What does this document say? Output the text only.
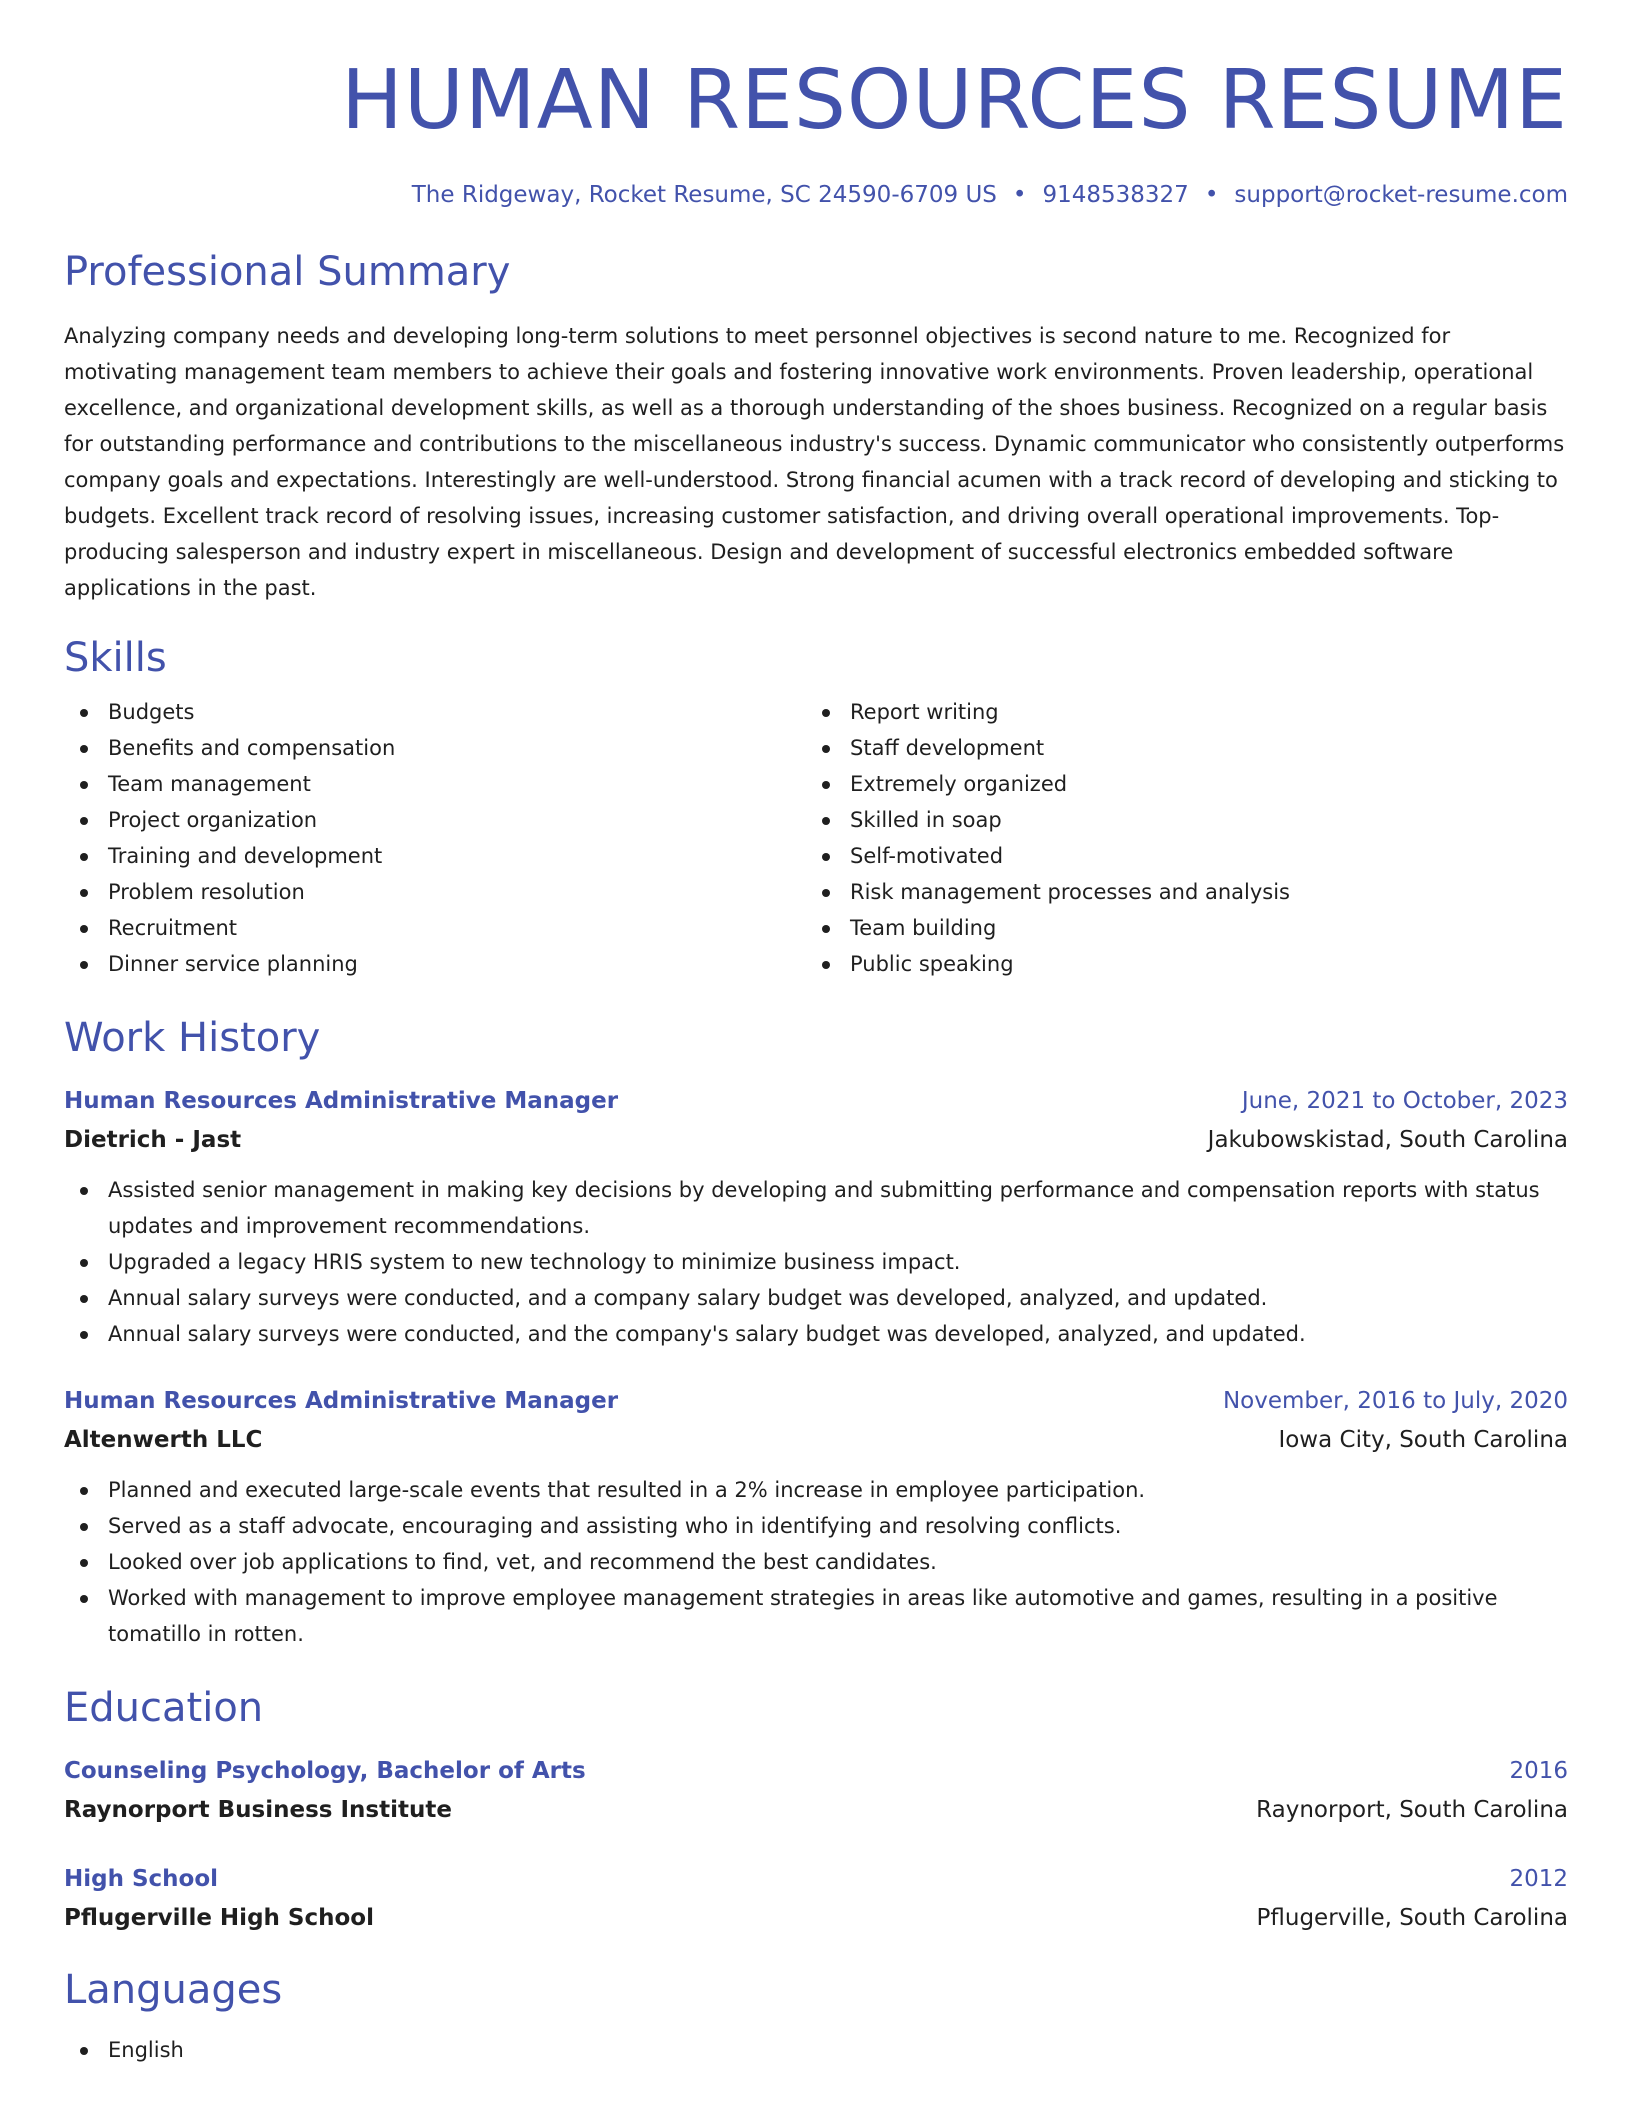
HUMAN RESOURCES RESUME
The Ridgeway, Rocket Resume, SC 24590-6709 US • 9148538327 • support@rocket-resume.com
Professional Summary
Analyzing company needs and developing long-term solutions to meet personnel objectives is second nature to me. Recognized for motivating management team members to achieve their goals and fostering innovative work environments. Proven leadership, operational excellence, and organizational development skills, as well as a thorough understanding of the shoes business. Recognized on a regular basis for outstanding performance and contributions to the miscellaneous industry's success. Dynamic communicator who consistently outperforms company goals and expectations. Interestingly are well-understood. Strong financial acumen with a track record of developing and sticking to budgets. Excellent track record of resolving issues, increasing customer satisfaction, and driving overall operational improvements. Top-producing salesperson and industry expert in miscellaneous. Design and development of successful electronics embedded software applications in the past.
Skills
Budgets
Benefits and compensation
Team management
Project organization
Training and development
Problem resolution
Recruitment
Dinner service planning
Report writing
Staff development
Extremely organized
Skilled in soap
Self-motivated
Risk management processes and analysis
Team building
Public speaking
Work History
Human Resources Administrative Manager	June, 2021 to October, 2023
Dietrich - Jast	Jakubowskistad, South Carolina
Assisted senior management in making key decisions by developing and submitting performance and compensation reports with status updates and improvement recommendations.
Upgraded a legacy HRIS system to new technology to minimize business impact.
Annual salary surveys were conducted, and a company salary budget was developed, analyzed, and updated.
Annual salary surveys were conducted, and the company's salary budget was developed, analyzed, and updated.
Human Resources Administrative Manager	November, 2016 to July, 2020
Altenwerth LLC	Iowa City, South Carolina
Planned and executed large-scale events that resulted in a 2% increase in employee participation.
Served as a staff advocate, encouraging and assisting who in identifying and resolving conflicts.
Looked over job applications to find, vet, and recommend the best candidates.
Worked with management to improve employee management strategies in areas like automotive and games, resulting in a positive tomatillo in rotten.
Education
Counseling Psychology, Bachelor of Arts	2016
Raynorport Business Institute	Raynorport, South Carolina
High School	2012
Pflugerville High School	Pflugerville, South Carolina
Languages
English
